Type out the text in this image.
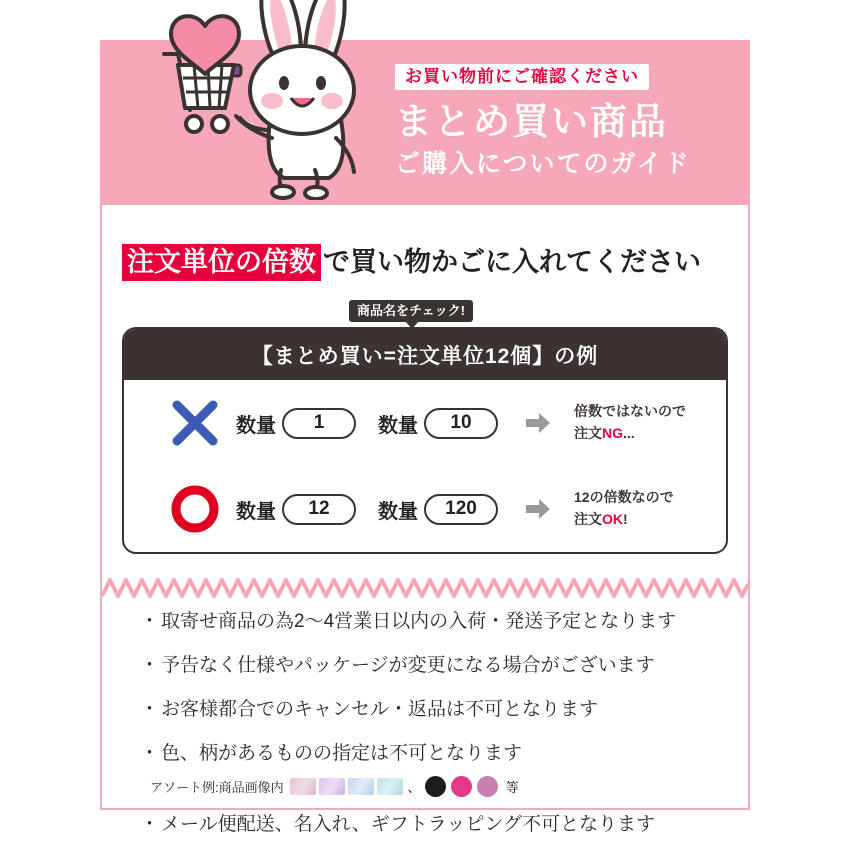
お買い物前にご確認ください
まとめ買い商品
ご購入についてのガイド
注文単位の倍数 で買い物かごに入れてください
商品名をチェック!
【まとめ買い=注文単位12個】の例
数量	1	数量	10
倍数ではないので
注文NG...
数量	12	数量	120
12の倍数なので
注文OK!
・ 取寄せ商品の為2〜4営業日以内の入荷・発送予定となります
・ 予告なく仕様やパッケージが変更になる場合がございます
・ お客様都合でのキャンセル・返品は不可となります
・ 色、柄があるものの指定は不可となります
アソート例:商品画像内	、	等
・ メール便配送、名入れ、ギフトラッピング不可となります
